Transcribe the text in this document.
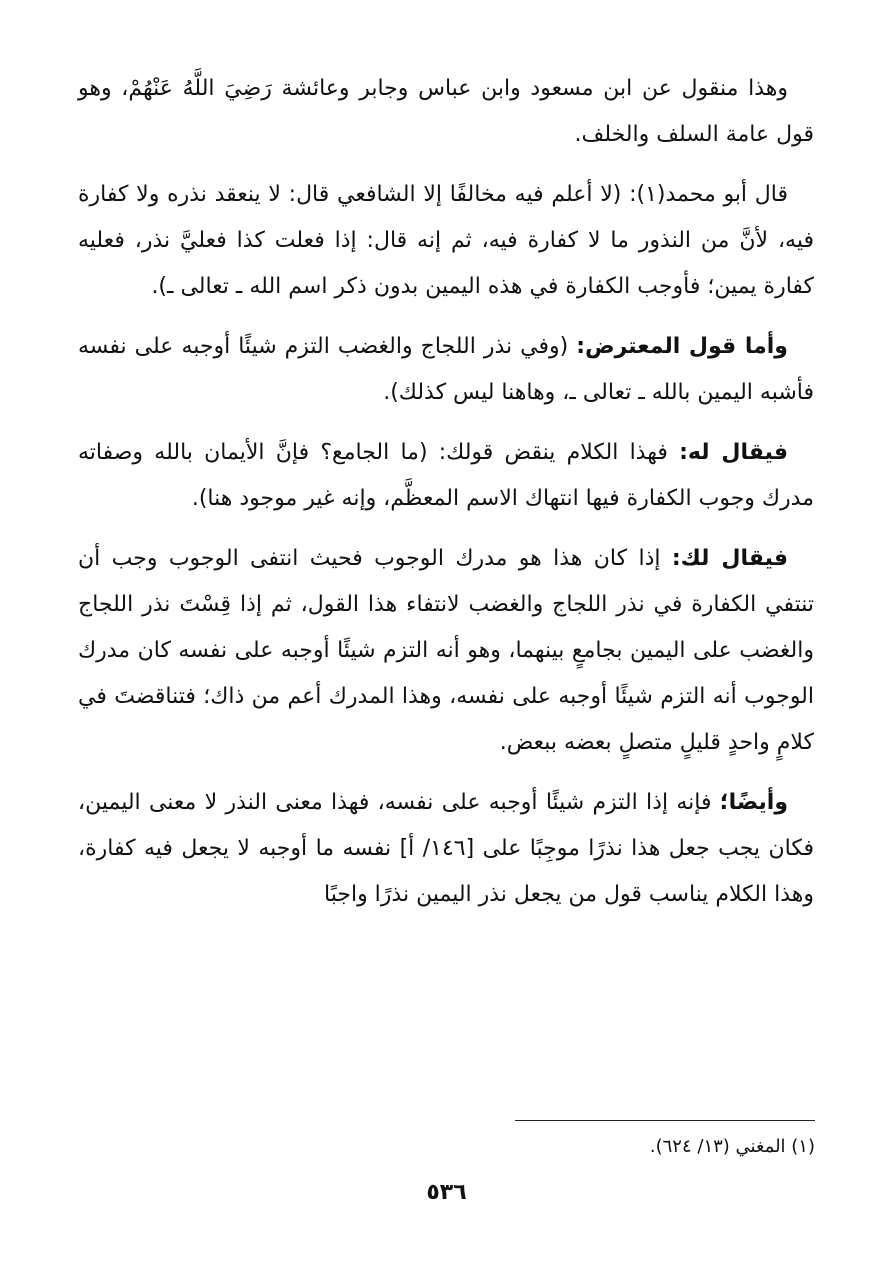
وهذا منقول عن ابن مسعود وابن عباس وجابر وعائشة رَضِيَ اللَّهُ عَنْهُمْ، وهو قول عامة السلف والخلف.

قال أبو محمد(١): (لا أعلم فيه مخالفًا إلا الشافعي قال: لا ينعقد نذره ولا كفارة فيه، لأنَّ من النذور ما لا كفارة فيه، ثم إنه قال: إذا فعلت كذا فعليَّ نذر، فعليه كفارة يمين؛ فأوجب الكفارة في هذه اليمين بدون ذكر اسم الله ـ تعالى ـ).

وأما قول المعترض: (وفي نذر اللجاج والغضب التزم شيئًا أوجبه على نفسه فأشبه اليمين بالله ـ تعالى ـ، وهاهنا ليس كذلك).

فيقال له: فهذا الكلام ينقض قولك: (ما الجامع؟ فإنَّ الأيمان بالله وصفاته مدرك وجوب الكفارة فيها انتهاك الاسم المعظَّم، وإنه غير موجود هنا).

فيقال لك: إذا كان هذا هو مدرك الوجوب فحيث انتفى الوجوب وجب أن تنتفي الكفارة في نذر اللجاج والغضب لانتفاء هذا القول، ثم إذا قِسْتَ نذر اللجاج والغضب على اليمين بجامعٍ بينهما، وهو أنه التزم شيئًا أوجبه على نفسه كان مدرك الوجوب أنه التزم شيئًا أوجبه على نفسه، وهذا المدرك أعم من ذاك؛ فتناقضتَ في كلامٍ واحدٍ قليلٍ متصلٍ بعضه ببعض.

وأيضًا؛ فإنه إذا التزم شيئًا أوجبه على نفسه، فهذا معنى النذر لا معنى اليمين، فكان يجب جعل هذا نذرًا موجِبًا على [١٤٦/ أ] نفسه ما أوجبه لا يجعل فيه كفارة، وهذا الكلام يناسب قول من يجعل نذر اليمين نذرًا واجبًا

(١) المغني (١٣/ ٦٢٤).
٥٣٦
